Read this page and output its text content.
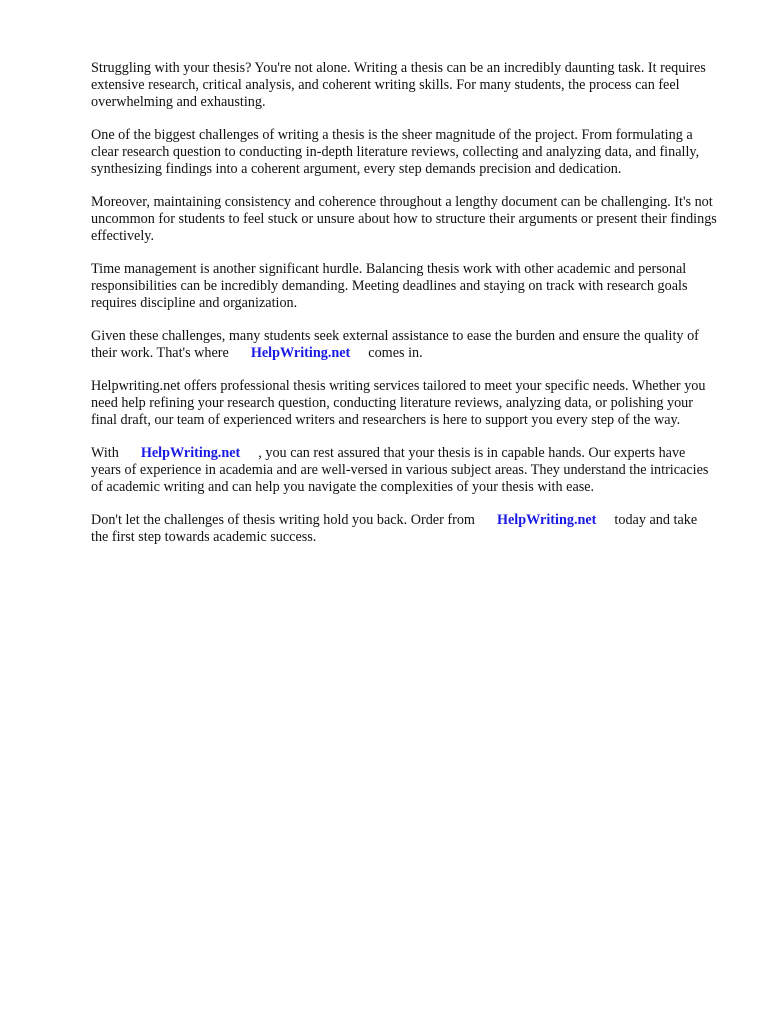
Struggling with your thesis? You're not alone. Writing a thesis can be an incredibly daunting task. It requires extensive research, critical analysis, and coherent writing skills. For many students, the process can feel overwhelming and exhausting.

One of the biggest challenges of writing a thesis is the sheer magnitude of the project. From formulating a clear research question to conducting in-depth literature reviews, collecting and analyzing data, and finally, synthesizing findings into a coherent argument, every step demands precision and dedication.

Moreover, maintaining consistency and coherence throughout a lengthy document can be challenging. It's not uncommon for students to feel stuck or unsure about how to structure their arguments or present their findings effectively.

Time management is another significant hurdle. Balancing thesis work with other academic and personal responsibilities can be incredibly demanding. Meeting deadlines and staying on track with research goals requires discipline and organization.

Given these challenges, many students seek external assistance to ease the burden and ensure the quality of their work. That's where HelpWriting.net comes in.

Helpwriting.net offers professional thesis writing services tailored to meet your specific needs. Whether you need help refining your research question, conducting literature reviews, analyzing data, or polishing your final draft, our team of experienced writers and researchers is here to support you every step of the way.

With HelpWriting.net , you can rest assured that your thesis is in capable hands. Our experts have years of experience in academia and are well-versed in various subject areas. They understand the intricacies of academic writing and can help you navigate the complexities of your thesis with ease.

Don't let the challenges of thesis writing hold you back. Order from HelpWriting.net today and take the first step towards academic success.
